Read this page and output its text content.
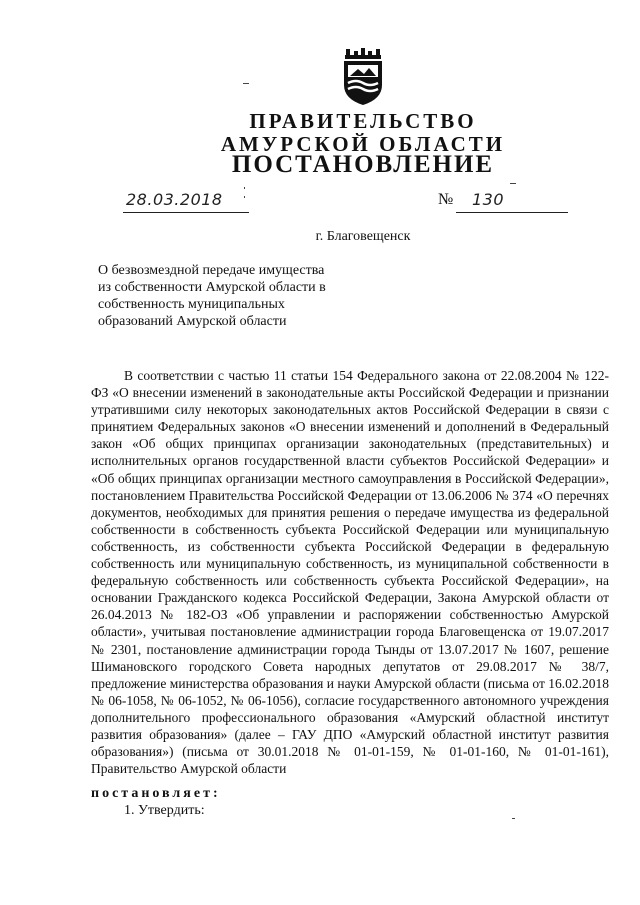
ПРАВИТЕЛЬСТВО
АМУРСКОЙ ОБЛАСТИ
ПОСТАНОВЛЕНИЕ
28.03.2018	№	130
г. Благовещенск
О безвозмездной передаче имущества
из собственности Амурской области в
собственность муниципальных
образований Амурской области
В соответствии с частью 11 статьи 154 Федерального закона от 22.08.2004 № 122-ФЗ «О внесении изменений в законодательные акты Российской Федерации и признании утратившими силу некоторых законодательных актов Российской Федерации в связи с принятием Федеральных законов «О внесении изменений и дополнений в Федеральный закон «Об общих принципах организации законодательных (представительных) и исполнительных органов государственной власти субъектов Российской Федерации» и «Об общих принципах организации местного самоуправления в Российской Федерации», постановлением Правительства Российской Федерации от 13.06.2006 № 374 «О перечнях документов, необходимых для принятия решения о передаче имущества из федеральной собственности в собственность субъекта Российской Федерации или муниципальную собственность, из собственности субъекта Российской Федерации в федеральную собственность или муниципальную собственность, из муниципальной собственности в федеральную собственность или собственность субъекта Российской Федерации», на основании Гражданского кодекса Российской Федерации, Закона Амурской области от 26.04.2013 № 182-ОЗ «Об управлении и распоряжении собственностью Амурской области», учитывая постановление администрации города Благовещенска от 19.07.2017 № 2301, постановление администрации города Тынды от 13.07.2017 № 1607, решение Шимановского городского Совета народных депутатов от 29.08.2017 № 38/7, предложение министерства образования и науки Амурской области (письма от 16.02.2018 № 06-1058, № 06-1052, № 06-1056), согласие государственного автономного учреждения дополнительного профессионального образования «Амурский областной институт развития образования» (далее – ГАУ ДПО «Амурский областной институт развития образования») (письма от 30.01.2018 № 01-01-159, № 01-01-160, № 01-01-161), Правительство Амурской области
постановляет:
1. Утвердить:
